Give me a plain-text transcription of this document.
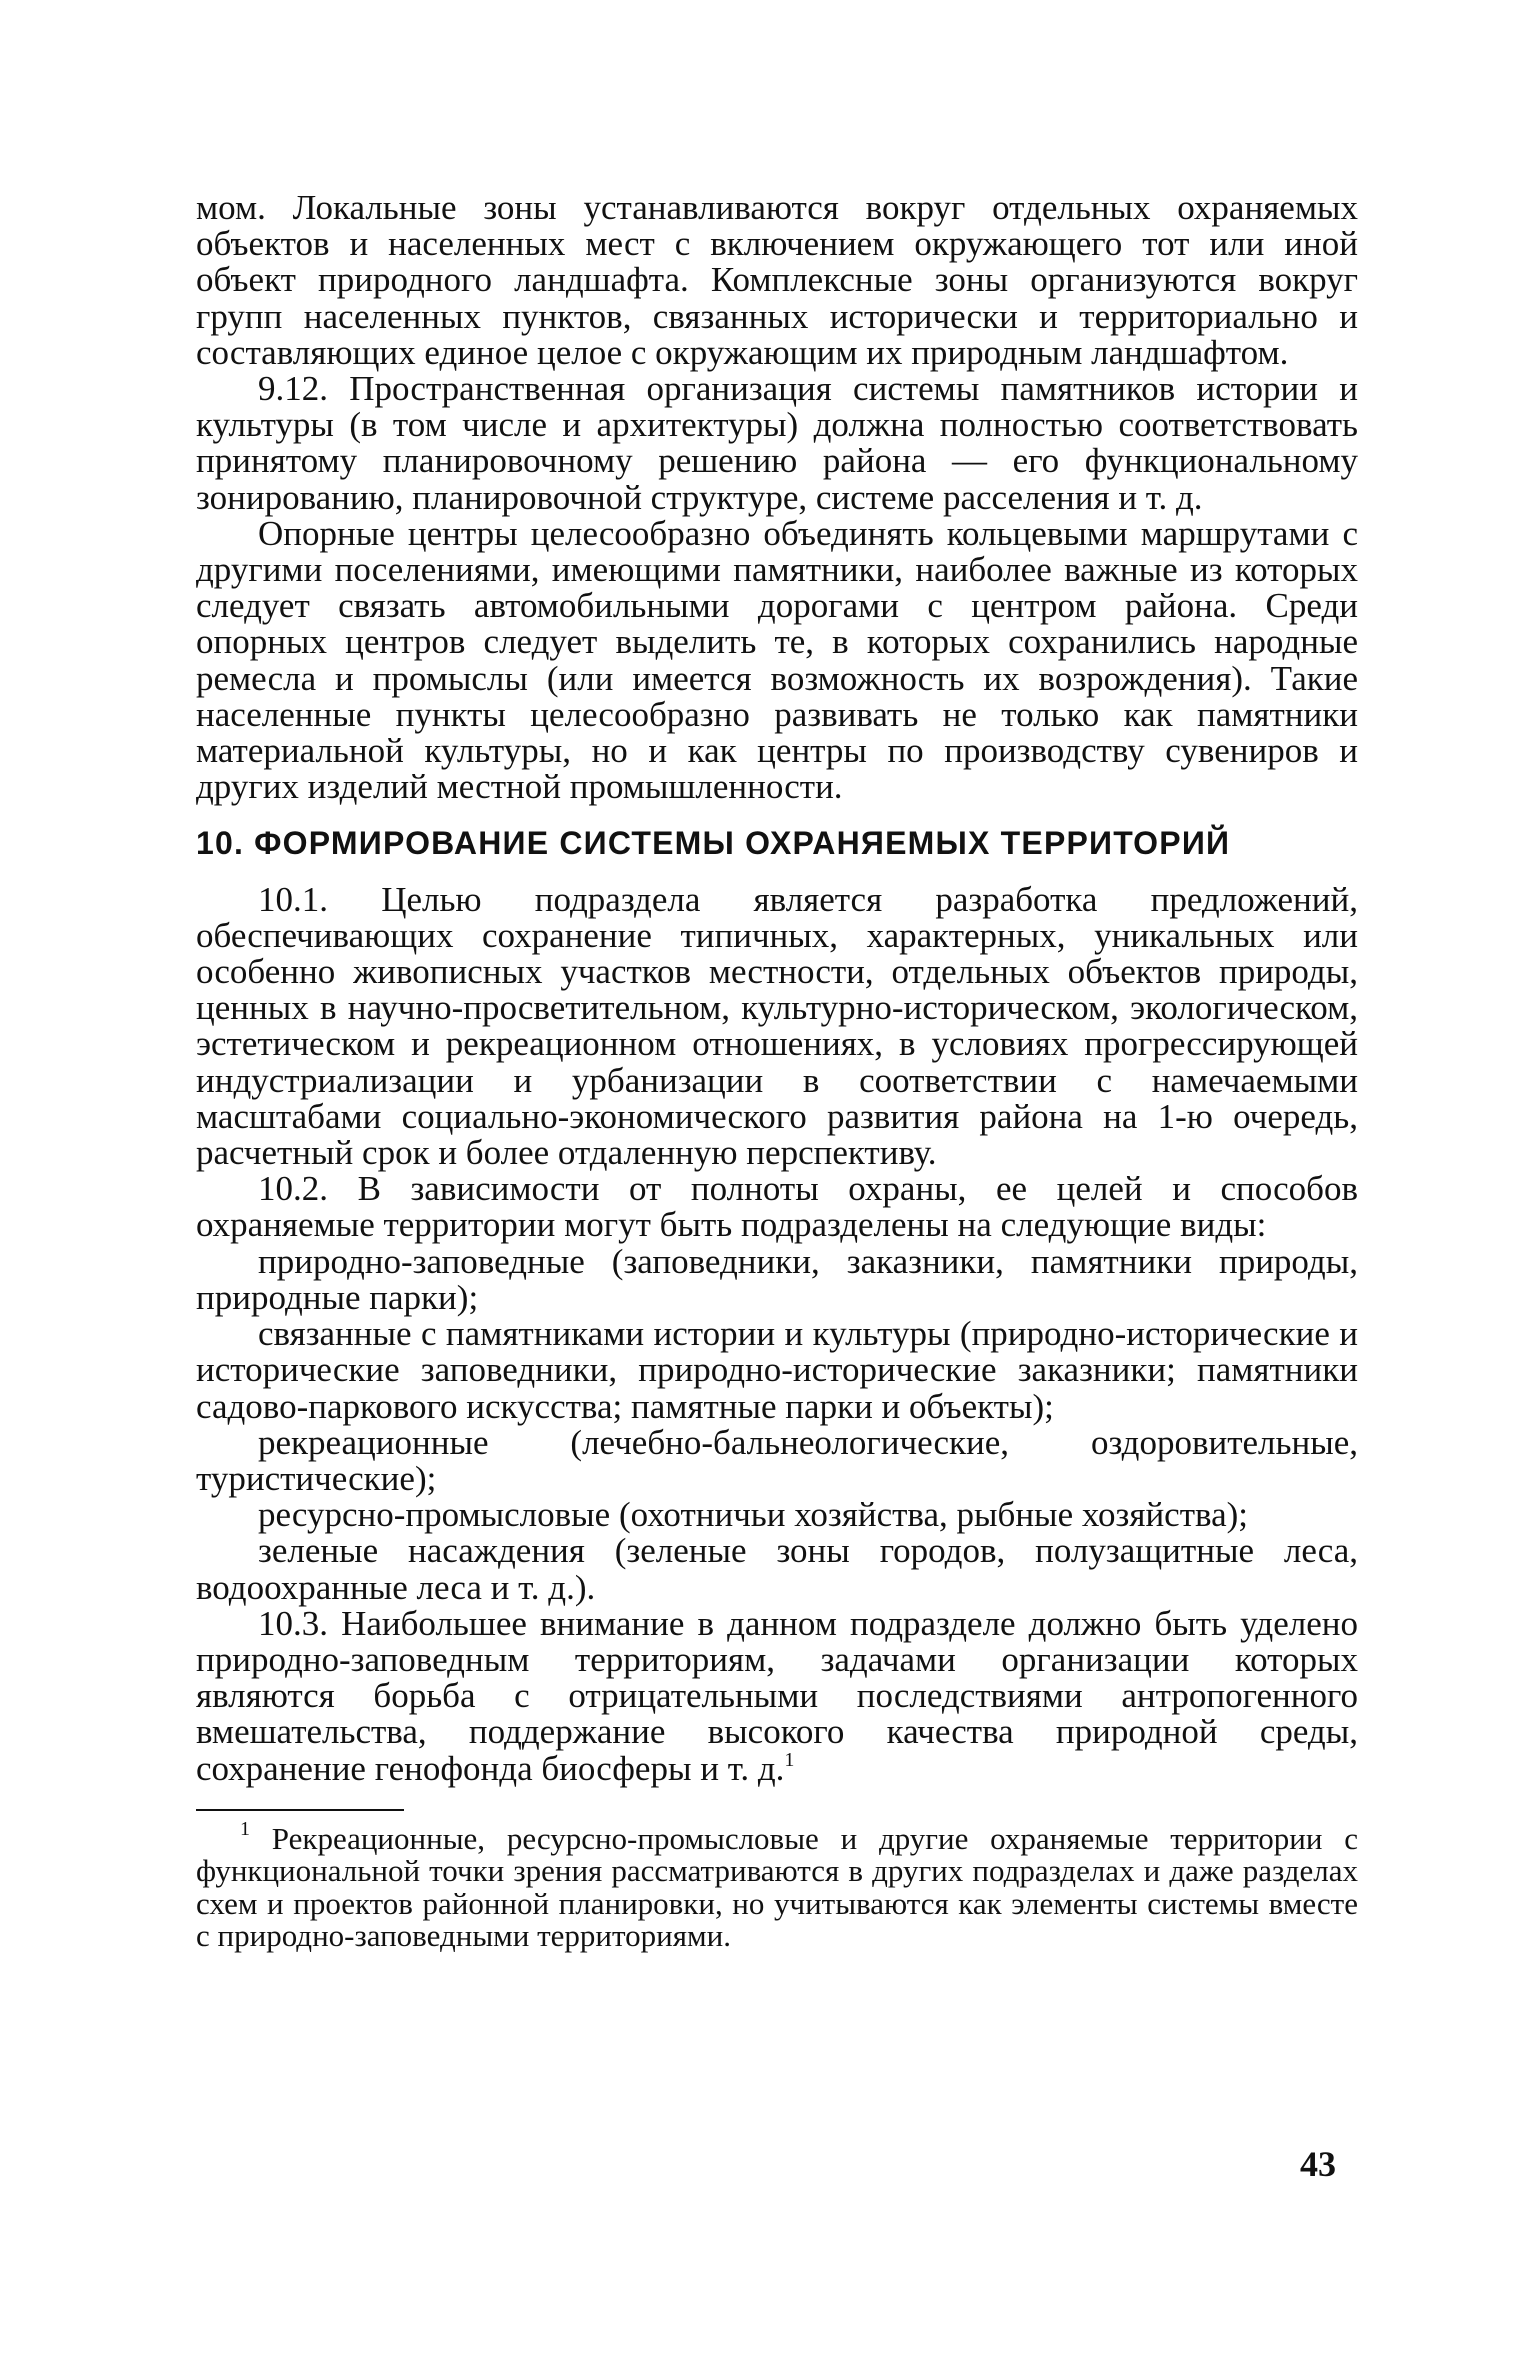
мом. Локальные зоны устанавливаются вокруг отдельных охраняемых объектов и населенных мест с включением окружающего тот или иной объект природного ландшафта. Комплексные зоны организуются вокруг групп населенных пунктов, связанных исторически и территориально и составляющих единое целое с окружающим их природным ландшафтом.

9.12. Пространственная организация системы памятников истории и культуры (в том числе и архитектуры) должна полностью соответствовать принятому планировочному решению района — его функциональному зонированию, планировочной структуре, системе расселения и т. д.

Опорные центры целесообразно объединять кольцевыми маршрутами с другими поселениями, имеющими памятники, наиболее важные из которых следует связать автомобильными дорогами с центром района. Среди опорных центров следует выделить те, в которых сохранились народные ремесла и промыслы (или имеется возможность их возрождения). Такие населенные пункты целесообразно развивать не только как памятники материальной культуры, но и как центры по производству сувениров и других изделий местной промышленности.

10. ФОРМИРОВАНИЕ СИСТЕМЫ ОХРАНЯЕМЫХ ТЕРРИТОРИЙ

10.1. Целью подраздела является разработка предложений, обеспечивающих сохранение типичных, характерных, уникальных или особенно живописных участков местности, отдельных объектов природы, ценных в научно-просветительном, культурно-историческом, экологическом, эстетическом и рекреационном отношениях, в условиях прогрессирующей индустриализации и урбанизации в соответствии с намечаемыми масштабами социально-экономического развития района на 1-ю очередь, расчетный срок и более отдаленную перспективу.

10.2. В зависимости от полноты охраны, ее целей и способов охраняемые территории могут быть подразделены на следующие виды:

природно-заповедные (заповедники, заказники, памятники природы, природные парки);

связанные с памятниками истории и культуры (природно-исторические и исторические заповедники, природно-исторические заказники; памятники садово-паркового искусства; памятные парки и объекты);

рекреационные (лечебно-бальнеологические, оздоровительные, туристические);

ресурсно-промысловые (охотничьи хозяйства, рыбные хозяйства);

зеленые насаждения (зеленые зоны городов, полузащитные леса, водоохранные леса и т. д.).

10.3. Наибольшее внимание в данном подразделе должно быть уделено природно-заповедным территориям, задачами организации которых являются борьба с отрицательными последствиями антропогенного вмешательства, поддержание высокого качества природной среды, сохранение генофонда биосферы и т. д.$^1$

$^1$ Рекреационные, ресурсно-промысловые и другие охраняемые территории с функциональной точки зрения рассматриваются в других подразделах и даже разделах схем и проектов районной планировки, но учитываются как элементы системы вместе с природно-заповедными территориями.

43
